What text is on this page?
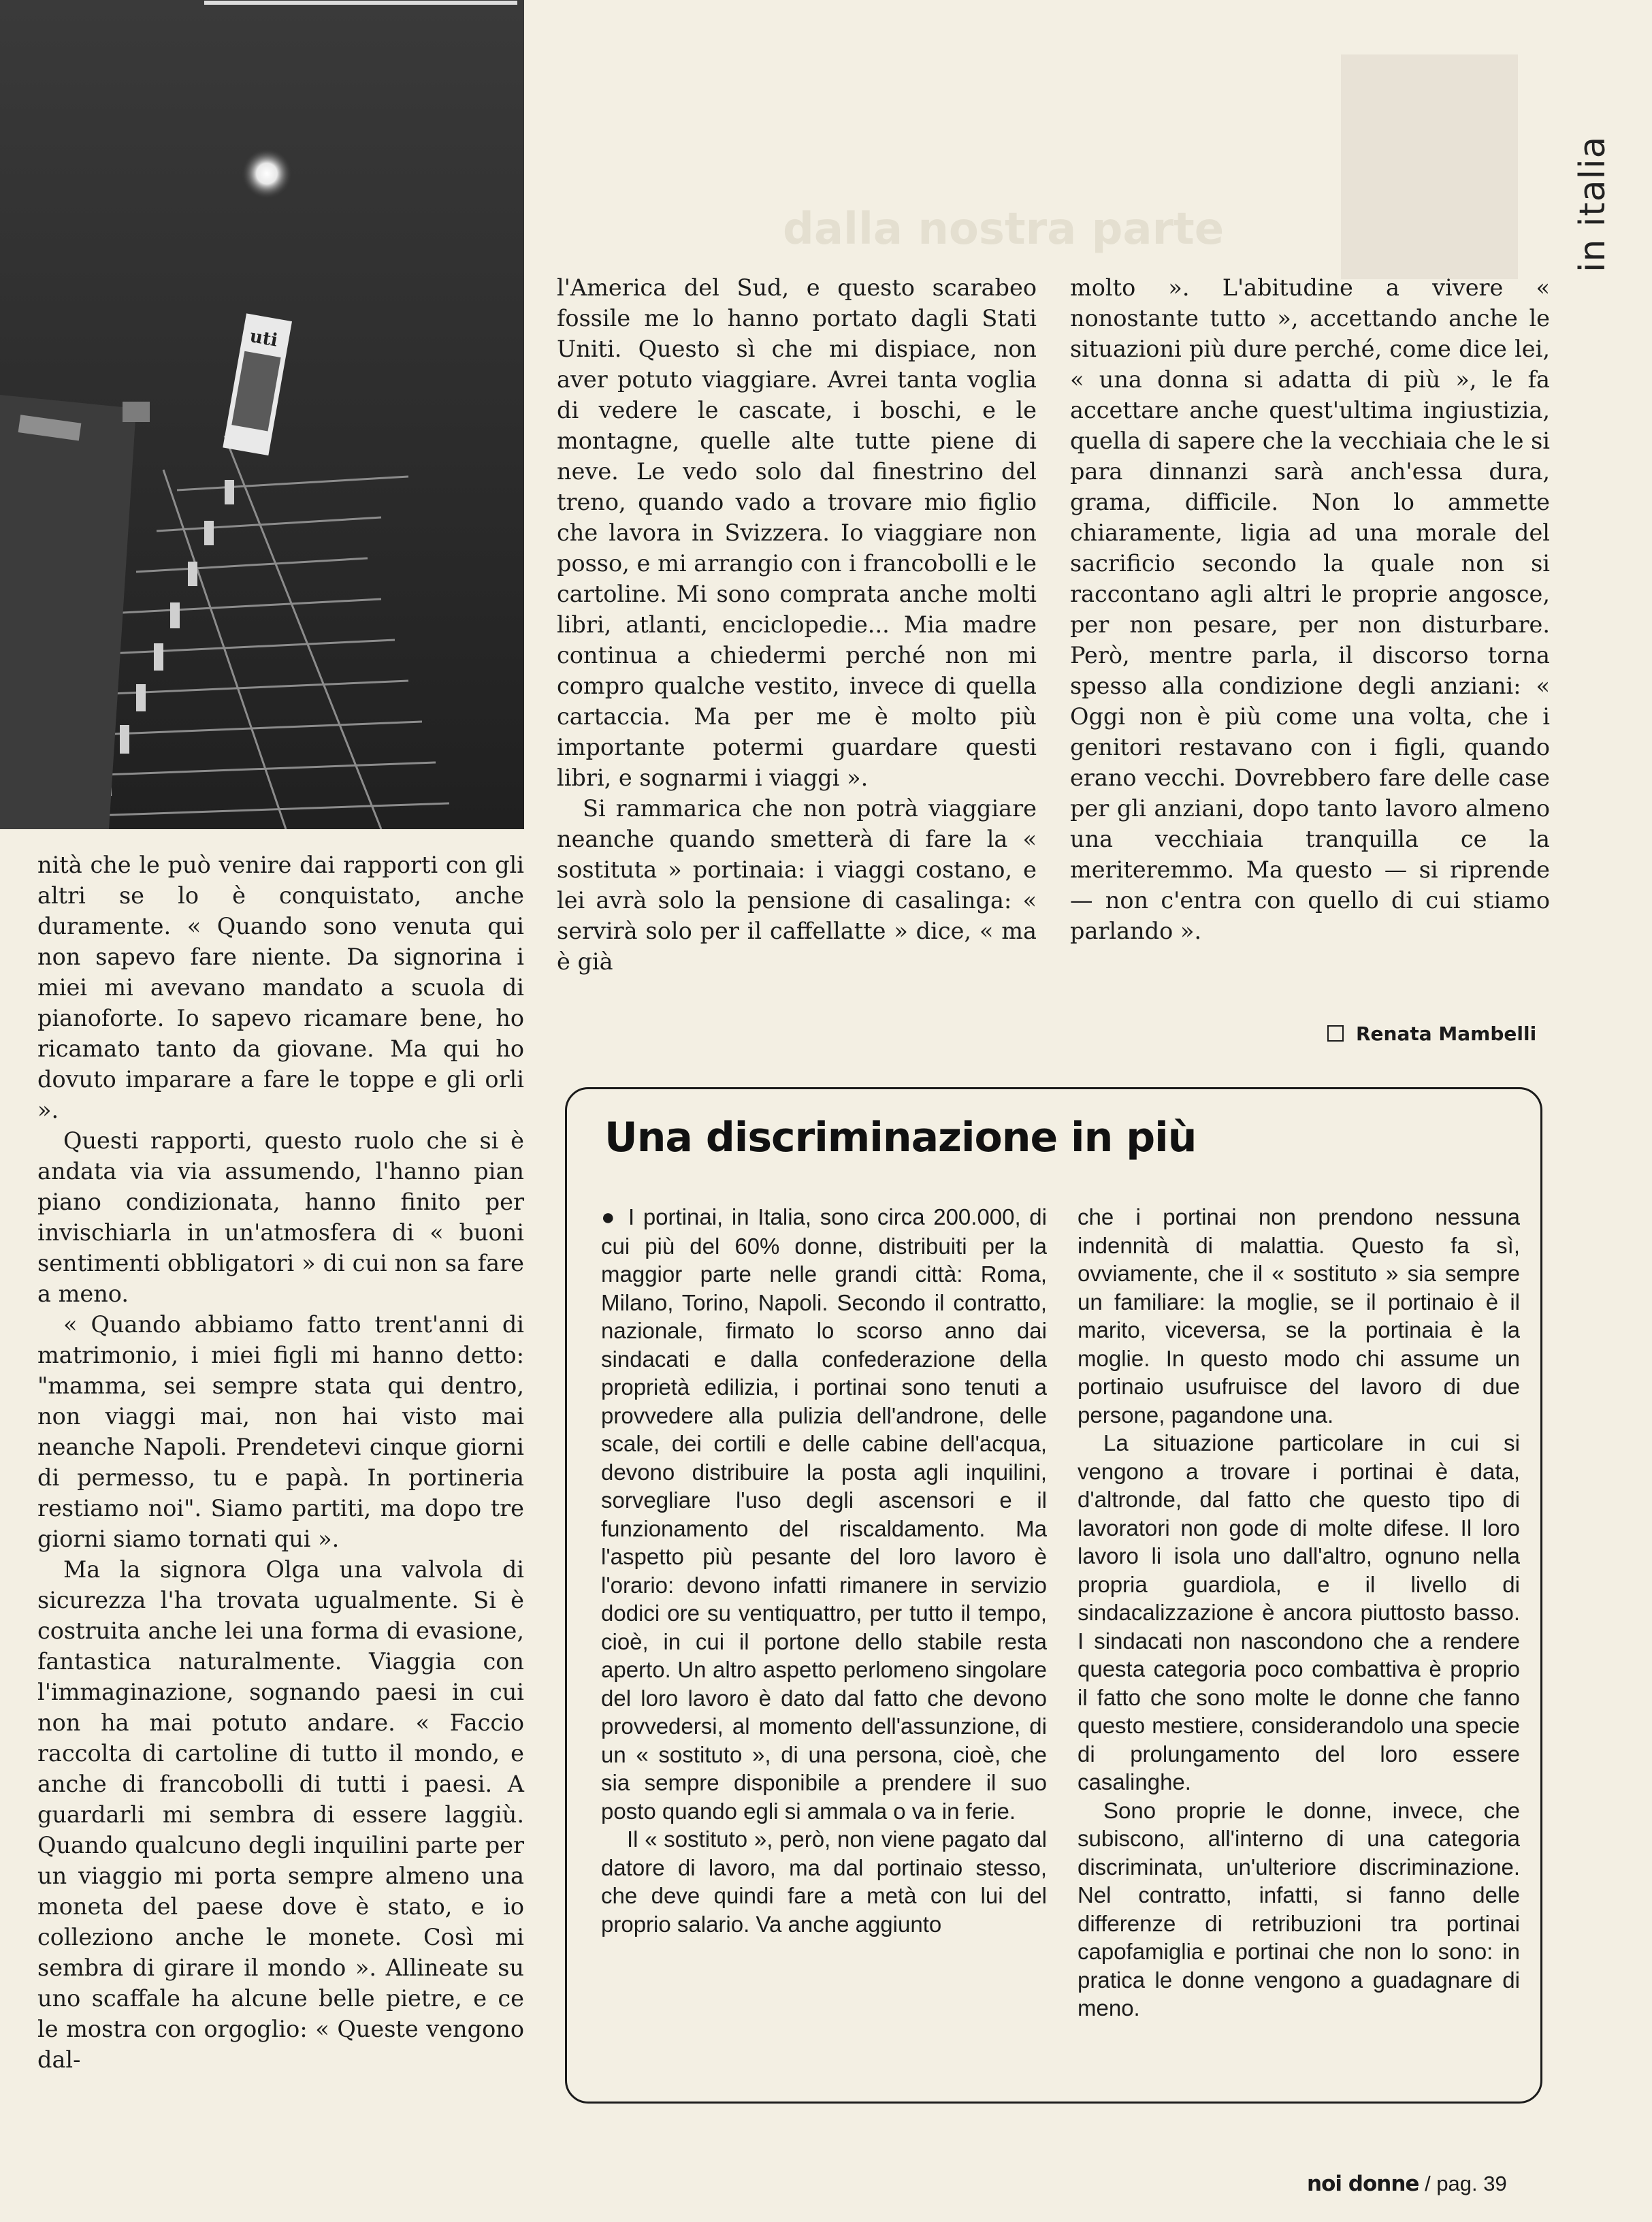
uti
dalla nostra parte	in italia

nità che le può venire dai rapporti con gli altri se lo è conquistato, anche duramente. « Quando sono venuta qui non sapevo fare niente. Da signorina i miei mi avevano mandato a scuola di pianoforte. Io sapevo ricamare bene, ho ricamato tanto da giovane. Ma qui ho dovuto imparare a fare le toppe e gli orli ».

Questi rapporti, questo ruolo che si è andata via via assumendo, l'hanno pian piano condizionata, hanno finito per invischiarla in un'atmosfera di « buoni sentimenti obbligatori » di cui non sa fare a meno.

« Quando abbiamo fatto trent'anni di matrimonio, i miei figli mi hanno detto: "mamma, sei sempre stata qui dentro, non viaggi mai, non hai visto mai neanche Napoli. Prendetevi cinque giorni di permesso, tu e papà. In portineria restiamo noi". Siamo partiti, ma dopo tre giorni siamo tornati qui ».

Ma la signora Olga una valvola di sicurezza l'ha trovata ugualmente. Si è costruita anche lei una forma di evasione, fantastica naturalmente. Viaggia con l'immaginazione, sognando paesi in cui non ha mai potuto andare. « Faccio raccolta di cartoline di tutto il mondo, e anche di francobolli di tutti i paesi. A guardarli mi sembra di essere laggiù. Quando qualcuno degli inquilini parte per un viaggio mi porta sempre almeno una moneta del paese dove è stato, e io colleziono anche le monete. Così mi sembra di girare il mondo ». Allineate su uno scaffale ha alcune belle pietre, e ce le mostra con orgoglio: « Queste vengono dal-

l'America del Sud, e questo scarabeo fossile me lo hanno portato dagli Stati Uniti. Questo sì che mi dispiace, non aver potuto viaggiare. Avrei tanta voglia di vedere le cascate, i boschi, e le montagne, quelle alte tutte piene di neve. Le vedo solo dal finestrino del treno, quando vado a trovare mio figlio che lavora in Svizzera. Io viaggiare non posso, e mi arrangio con i francobolli e le cartoline. Mi sono comprata anche molti libri, atlanti, enciclopedie... Mia madre continua a chiedermi perché non mi compro qualche vestito, invece di quella cartaccia. Ma per me è molto più importante potermi guardare questi libri, e sognarmi i viaggi ».

Si rammarica che non potrà viaggiare neanche quando smetterà di fare la « sostituta » portinaia: i viaggi costano, e lei avrà solo la pensione di casalinga: « servirà solo per il caffellatte » dice, « ma è già

molto ». L'abitudine a vivere « nonostante tutto », accettando anche le situazioni più dure perché, come dice lei, « una donna si adatta di più », le fa accettare anche quest'ultima ingiustizia, quella di sapere che la vecchiaia che le si para dinnanzi sarà anch'essa dura, grama, difficile. Non lo ammette chiaramente, ligia ad una morale del sacrificio secondo la quale non si raccontano agli altri le proprie angosce, per non pesare, per non disturbare. Però, mentre parla, il discorso torna spesso alla condizione degli anziani: « Oggi non è più come una volta, che i genitori restavano con i figli, quando erano vecchi. Dovrebbero fare delle case per gli anziani, dopo tanto lavoro almeno una vecchiaia tranquilla ce la meriteremmo. Ma questo — si riprende — non c'entra con quello di cui stiamo parlando ».

Renata Mambelli
Una discriminazione in più

● I portinai, in Italia, sono circa 200.000, di cui più del 60% donne, distribuiti per la maggior parte nelle grandi città: Roma, Milano, Torino, Napoli. Secondo il contratto, nazionale, firmato lo scorso anno dai sindacati e dalla confederazione della proprietà edilizia, i portinai sono tenuti a provvedere alla pulizia dell'androne, delle scale, dei cortili e delle cabine dell'acqua, devono distribuire la posta agli inquilini, sorvegliare l'uso degli ascensori e il funzionamento del riscaldamento. Ma l'aspetto più pesante del loro lavoro è l'orario: devono infatti rimanere in servizio dodici ore su ventiquattro, per tutto il tempo, cioè, in cui il portone dello stabile resta aperto. Un altro aspetto perlomeno singolare del loro lavoro è dato dal fatto che devono provvedersi, al momento dell'assunzione, di un « sostituto », di una persona, cioè, che sia sempre disponibile a prendere il suo posto quando egli si ammala o va in ferie.

Il « sostituto », però, non viene pagato dal datore di lavoro, ma dal portinaio stesso, che deve quindi fare a metà con lui del proprio salario. Va anche aggiunto

che i portinai non prendono nessuna indennità di malattia. Questo fa sì, ovviamente, che il « sostituto » sia sempre un familiare: la moglie, se il portinaio è il marito, viceversa, se la portinaia è la moglie. In questo modo chi assume un portinaio usufruisce del lavoro di due persone, pagandone una.

La situazione particolare in cui si vengono a trovare i portinai è data, d'altronde, dal fatto che questo tipo di lavoratori non gode di molte difese. Il loro lavoro li isola uno dall'altro, ognuno nella propria guardiola, e il livello di sindacalizzazione è ancora piuttosto basso. I sindacati non nascondono che a rendere questa categoria poco combattiva è proprio il fatto che sono molte le donne che fanno questo mestiere, considerandolo una specie di prolungamento del loro essere casalinghe.

Sono proprie le donne, invece, che subiscono, all'interno di una categoria discriminata, un'ulteriore discriminazione. Nel contratto, infatti, si fanno delle differenze di retribuzioni tra portinai capofamiglia e portinai che non lo sono: in pratica le donne vengono a guadagnare di meno.

noi donne / pag. 39
